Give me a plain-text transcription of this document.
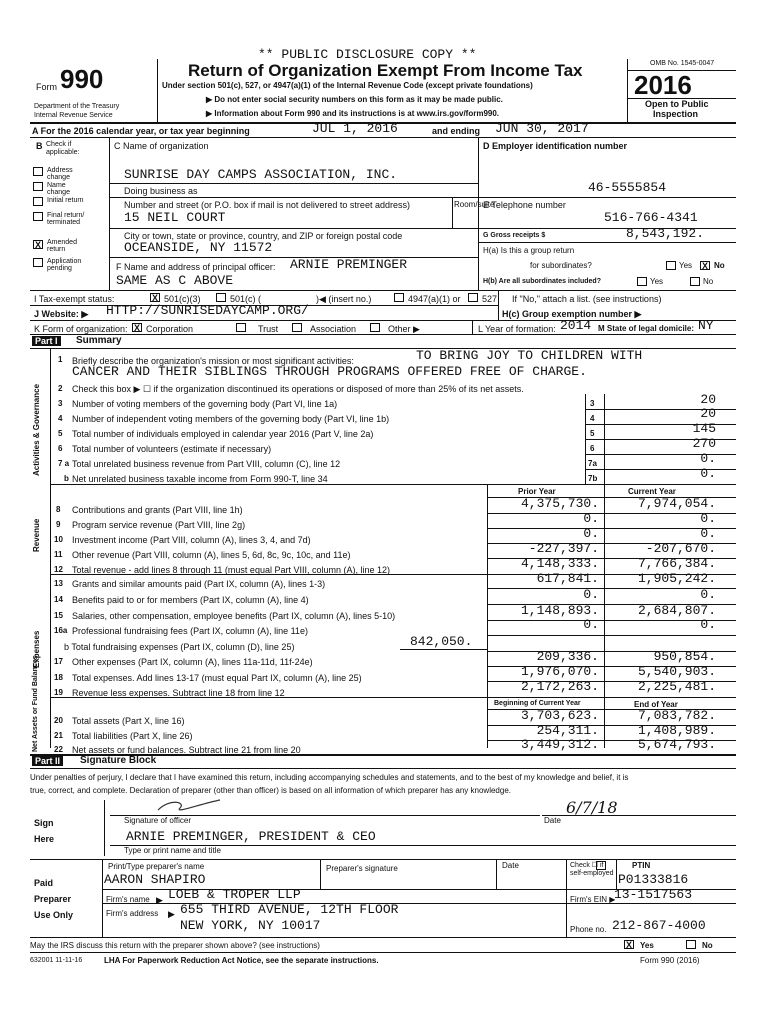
** PUBLIC DISCLOSURE COPY **
Form 990	Return of Organization Exempt From Income Tax
Under section 501(c), 527, or 4947(a)(1) of the Internal Revenue Code (except private foundations)
▶ Do not enter social security numbers on this form as it may be made public.
▶ Information about Form 990 and its instructions is at www.irs.gov/form990.
Department of the Treasury
Internal Revenue Service
OMB No. 1545-0047
2016
Open to Public
Inspection
A For the 2016 calendar year, or tax year beginning	JUL 1, 2016	and ending JUN 30, 2017
B Check if applicable:
Address change
Name change
Initial return
Final return/ terminated
X Amended return
Application pending
C Name of organization
SUNRISE DAY CAMPS ASSOCIATION, INC.
Doing business as
Number and street (or P.O. box if mail is not delivered to street address)	Room/suite
15 NEIL COURT
City or town, state or province, country, and ZIP or foreign postal code
OCEANSIDE, NY 11572
F Name and address of principal officer: ARNIE PREMINGER
SAME AS C ABOVE
D Employer identification number
46-5555854
E Telephone number
516-766-4341
G Gross receipts $	8,543,192.
H(a) Is this a group return
for subordinates?	Yes X No
H(b) Are all subordinates included?	Yes	No
I Tax-exempt status:	X 501(c)(3)	501(c) (	)◀ (insert no.)	4947(a)(1) or 527 If "No," attach a list. (see instructions)
J Website: ▶ HTTP://SUNRISEDAYCAMP.ORG/	H(c) Group exemption number ▶
K Form of organization: X Corporation	Trust	Association	Other ▶	L Year of formation: 2014 M State of legal domicile: NY
Part I	Summary
Activities & Governance
Revenue
Expenses
Net Assets or Fund Balances
1 Briefly describe the organization's mission or most significant activities:	TO BRING JOY TO CHILDREN WITH
CANCER AND THEIR SIBLINGS THROUGH PROGRAMS OFFERED FREE OF CHARGE.
2 Check this box ▶ ☐ if the organization discontinued its operations or disposed of more than 25% of its net assets.
3 Number of voting members of the governing body (Part VI, line 1a)	3	20
4 Number of independent voting members of the governing body (Part VI, line 1b)	4	20
5 Total number of individuals employed in calendar year 2016 (Part V, line 2a)	5	145
6 Total number of volunteers (estimate if necessary)	6	270
7 a Total unrelated business revenue from Part VIII, column (C), line 12	7a	0.
b Net unrelated business taxable income from Form 990-T, line 34	7b	0.
Prior Year	Current Year
8 Contributions and grants (Part VIII, line 1h)	4,375,730.	7,974,054.
9 Program service revenue (Part VIII, line 2g)	0.	0.
10 Investment income (Part VIII, column (A), lines 3, 4, and 7d)	0.	0.
11 Other revenue (Part VIII, column (A), lines 5, 6d, 8c, 9c, 10c, and 11e)	-227,397.	-207,670.
12 Total revenue - add lines 8 through 11 (must equal Part VIII, column (A), line 12)	4,148,333.	7,766,384.
13 Grants and similar amounts paid (Part IX, column (A), lines 1-3)	617,841.	1,905,242.
14 Benefits paid to or for members (Part IX, column (A), line 4)	0.	0.
15 Salaries, other compensation, employee benefits (Part IX, column (A), lines 5-10)	1,148,893.	2,684,807.
16a Professional fundraising fees (Part IX, column (A), line 11e)	0.	0.
b Total fundraising expenses (Part IX, column (D), line 25)	842,050.
17 Other expenses (Part IX, column (A), lines 11a-11d, 11f-24e)	209,336.	950,854.
18 Total expenses. Add lines 13-17 (must equal Part IX, column (A), line 25)	1,976,070.	5,540,903.
19 Revenue less expenses. Subtract line 18 from line 12	2,172,263.	2,225,481.
Beginning of Current Year	End of Year
20 Total assets (Part X, line 16)	3,703,623.	7,083,782.
21 Total liabilities (Part X, line 26)	254,311.	1,408,989.
22 Net assets or fund balances. Subtract line 21 from line 20	3,449,312.	5,674,793.
Part II	Signature Block
Under penalties of perjury, I declare that I have examined this return, including accompanying schedules and statements, and to the best of my knowledge and belief, it is
true, correct, and complete. Declaration of preparer (other than officer) is based on all information of which preparer has any knowledge.
6/7/18
Sign
Here
Signature of officer	Date
ARNIE PREMINGER, PRESIDENT & CEO
Type or print name and title
Paid
Preparer
Use Only
Print/Type preparer's name	Preparer's signature	Date	Check ☐ if self-employed
PTIN
AARON SHAPIRO	P01333816
Firm's name ▶ LOEB & TROPER LLP	Firm's EIN ▶
13-1517563
Firm's address ▶ 655 THIRD AVENUE, 12TH FLOOR
NEW YORK, NY 10017	Phone no. 212-867-4000
May the IRS discuss this return with the preparer shown above? (see instructions)	X Yes	No
632001 11-11-16	LHA For Paperwork Reduction Act Notice, see the separate instructions.	Form 990 (2016)
